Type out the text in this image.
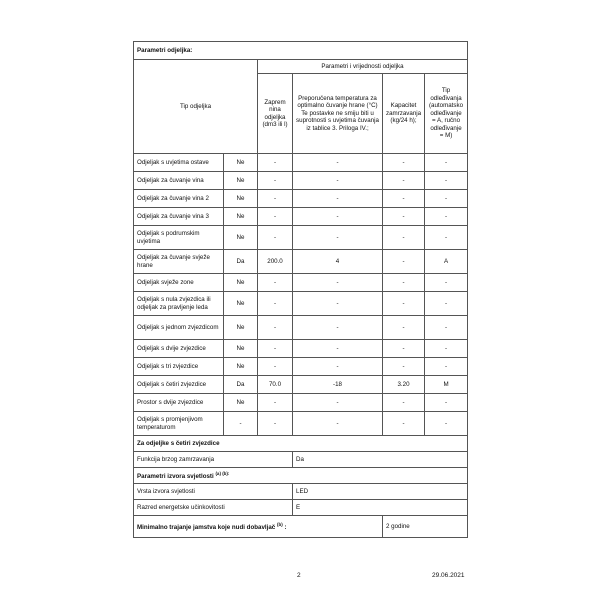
Parametri odjeljka:					
Tip odjeljka		Parametri i vrijednosti odjeljka			
		Zaprem nina odjeljka (dm3 ili l)	Preporučena temperatura za optimalno čuvanje hrane (°C) Te postavke ne smiju biti u suprotnosti s uvjetima čuvanja iz tablice 3. Prilogа IV.;	Kapacitet zamrzavanja (kg/24 h);	Tip odleđivanja (automatsko odleđivanje = A, ručno odleđivanje = M)
Odjeljak s uvjetima ostave	Ne	-	-	-	-
Odjeljak za čuvanje vina	Ne	-	-	-	-
Odjeljak za čuvanje vina 2	Ne	-	-	-	-
Odjeljak za čuvanje vina 3	Ne	-	-	-	-
Odjeljak s podrumskim uvjetima	Ne	-	-	-	-
Odjeljak za čuvanje svježe hrane	Da	200.0	4	-	A
Odjeljak svježe zone	Ne	-	-	-	-
Odjeljak s nula zvjezdica ili odjeljak za pravljenje leda	Ne	-	-	-	-
Odjeljak s jednom zvjezdicom	Ne	-	-	-	-
Odjeljak s dvije zvjezdice	Ne	-	-	-	-
Odjeljak s tri zvjezdice	Ne	-	-	-	-
Odjeljak s četiri zvjezdice	Da	70.0	-18	3.20	M
Prostor s dvije zvjezdice	Ne	-	-	-	-
Odjeljak s promjenjivom temperaturom	-	-	-	-	-
Za odjeljke s četiri zvjezdice					
Funkcija brzog zamrzavanja			Da		
Parametri izvora svjetlosti $^{(a) (b):}$
Vrsta izvora svjetlosti			LED		
Razred energetske učinkovitosti			E		
Minimalno trajanje jamstva koje nudi dobavljač $^{(b)}$ :				2 godine	
2	29.06.2021
